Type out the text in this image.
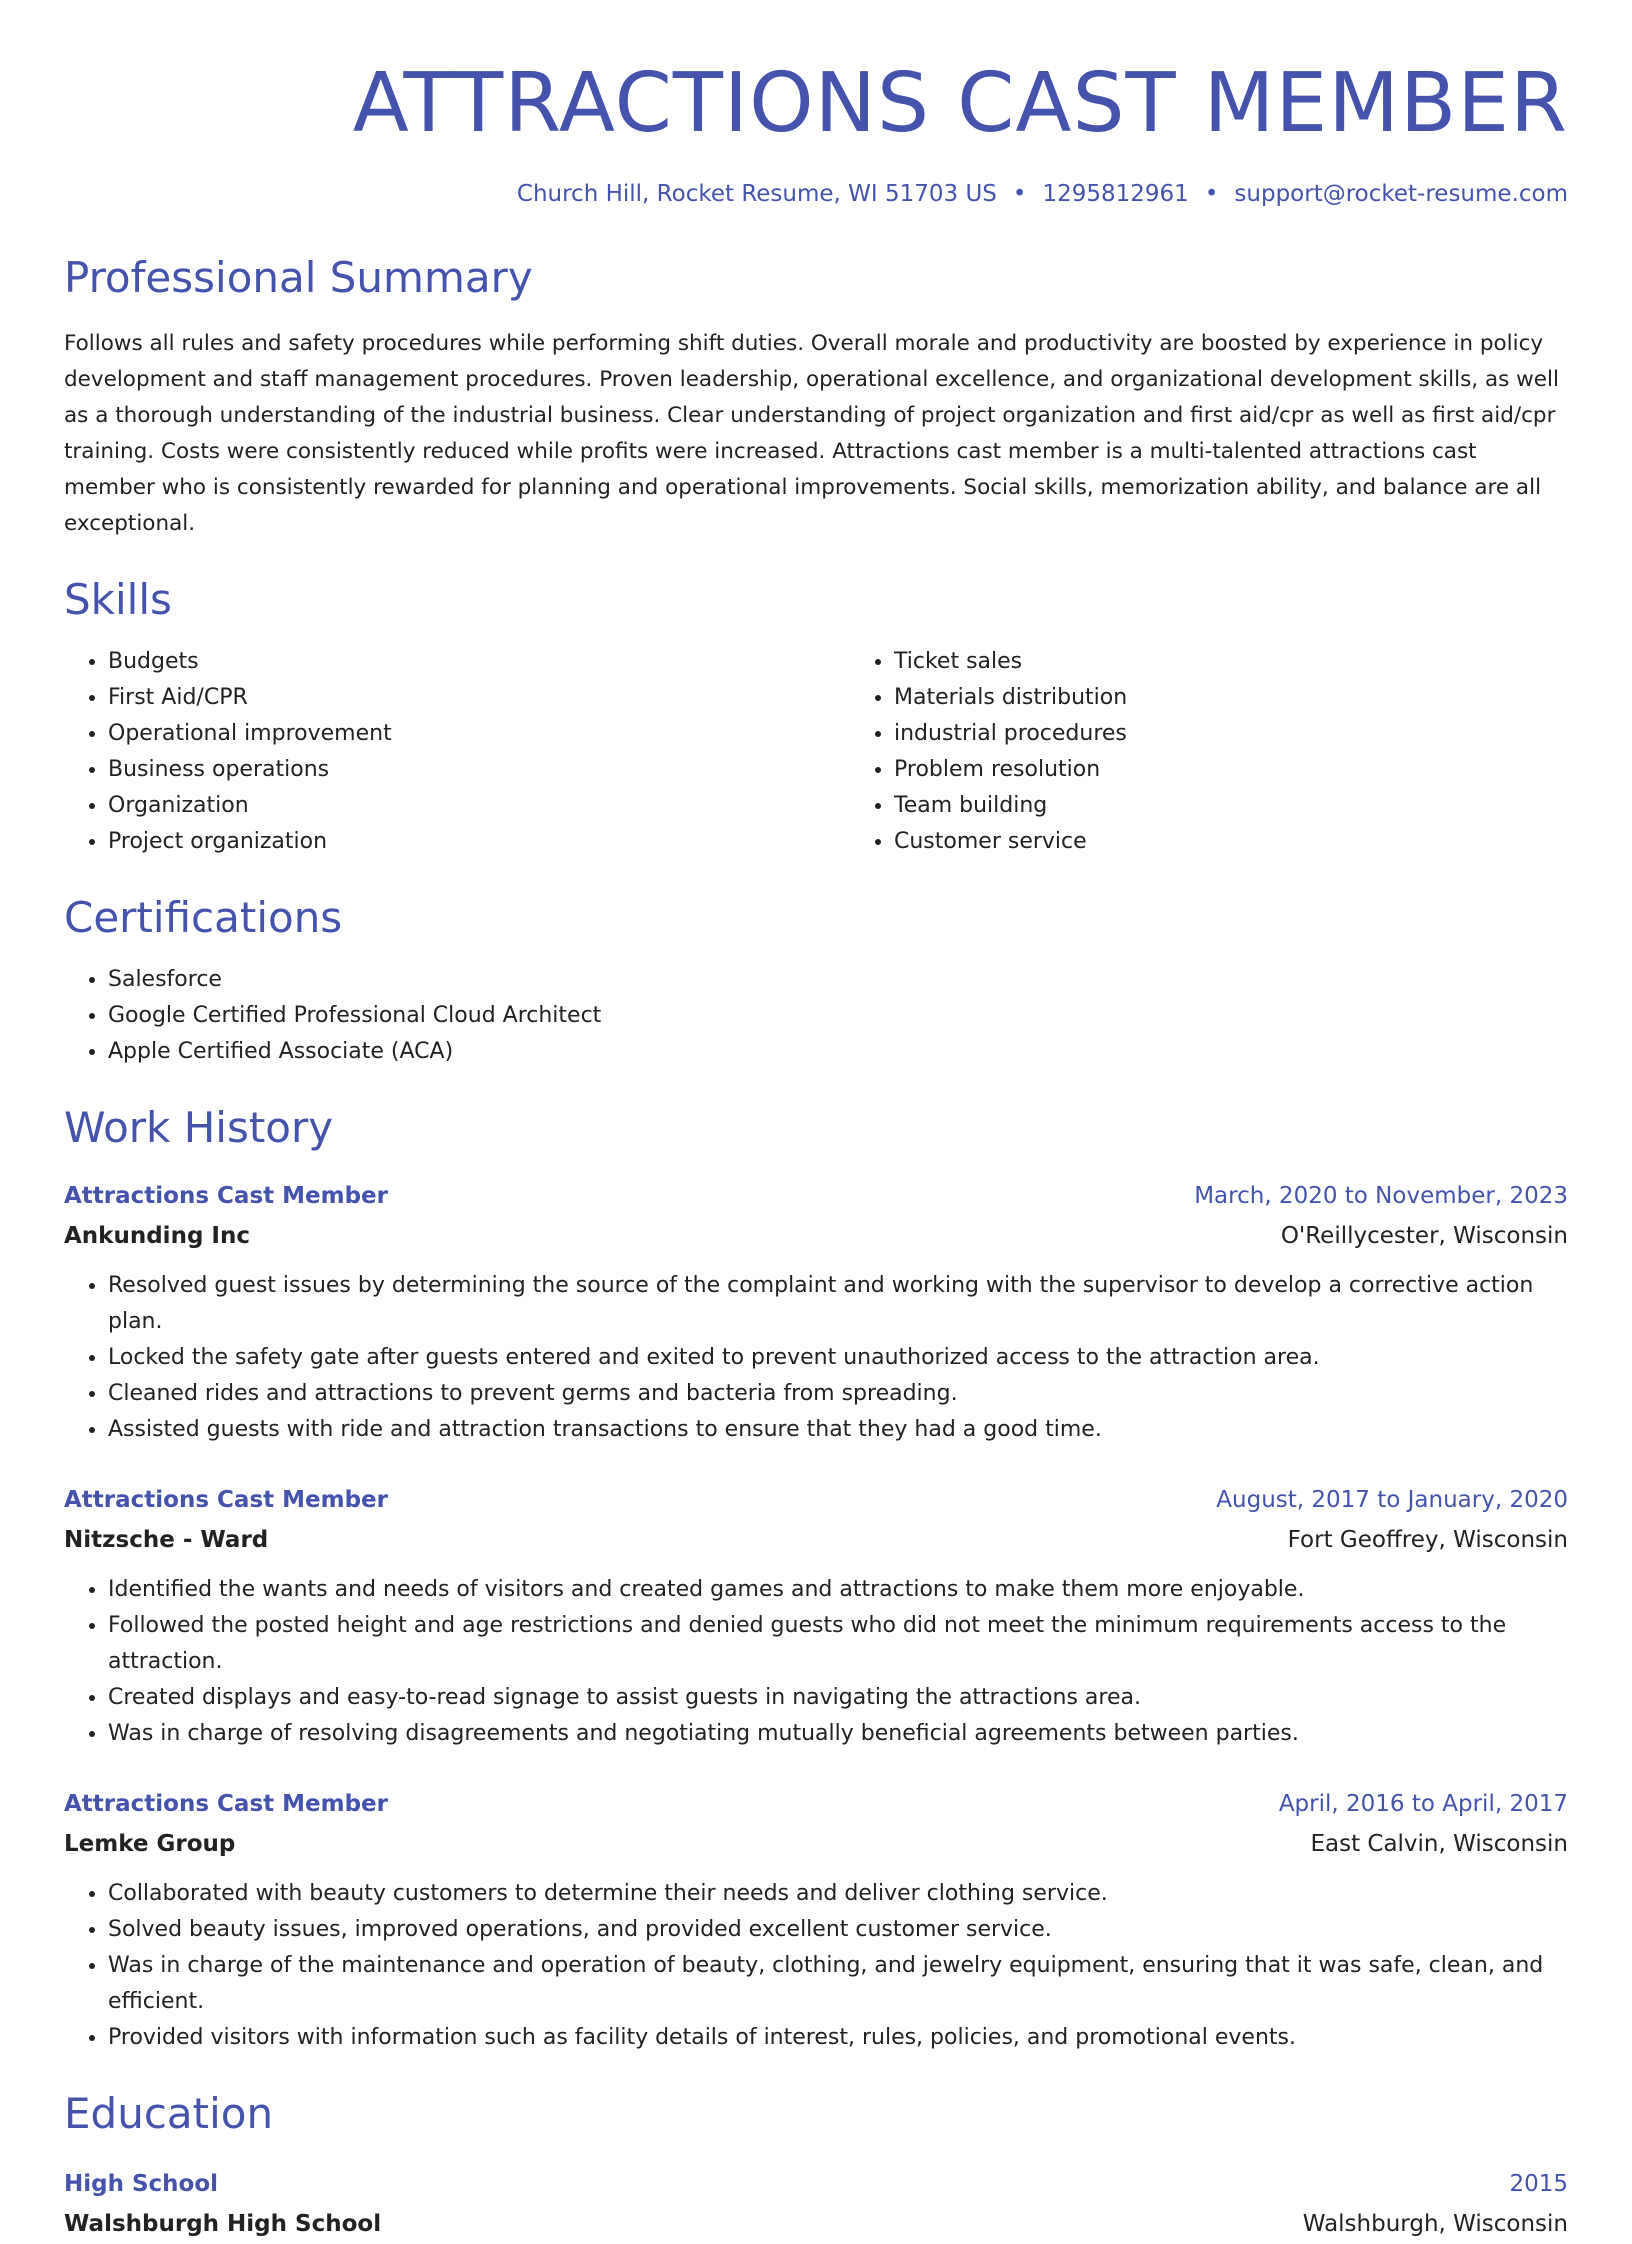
ATTRACTIONS CAST MEMBER
Church Hill, Rocket Resume, WI 51703 US • 1295812961 • support@rocket-resume.com
Professional Summary

Follows all rules and safety procedures while performing shift duties. Overall morale and productivity are boosted by experience in policy development and staff management procedures. Proven leadership, operational excellence, and organizational development skills, as well as a thorough understanding of the industrial business. Clear understanding of project organization and first aid/cpr as well as first aid/cpr training. Costs were consistently reduced while profits were increased. Attractions cast member is a multi-talented attractions cast member who is consistently rewarded for planning and operational improvements. Social skills, memorization ability, and balance are all exceptional.

Skills
• Budgets
• First Aid/CPR
• Operational improvement
• Business operations
• Organization
• Project organization
• Ticket sales
• Materials distribution
• industrial procedures
• Problem resolution
• Team building
• Customer service
Certifications
• Salesforce
• Google Certified Professional Cloud Architect
• Apple Certified Associate (ACA)
Work History
Attractions Cast Member	March, 2020 to November, 2023
Ankunding Inc	O'Reillycester, Wisconsin
• Resolved guest issues by determining the source of the complaint and working with the supervisor to develop a corrective action plan.
• Locked the safety gate after guests entered and exited to prevent unauthorized access to the attraction area.
• Cleaned rides and attractions to prevent germs and bacteria from spreading.
• Assisted guests with ride and attraction transactions to ensure that they had a good time.
Attractions Cast Member	August, 2017 to January, 2020
Nitzsche - Ward	Fort Geoffrey, Wisconsin
• Identified the wants and needs of visitors and created games and attractions to make them more enjoyable.
• Followed the posted height and age restrictions and denied guests who did not meet the minimum requirements access to the attraction.
• Created displays and easy-to-read signage to assist guests in navigating the attractions area.
• Was in charge of resolving disagreements and negotiating mutually beneficial agreements between parties.
Attractions Cast Member	April, 2016 to April, 2017
Lemke Group	East Calvin, Wisconsin
• Collaborated with beauty customers to determine their needs and deliver clothing service.
• Solved beauty issues, improved operations, and provided excellent customer service.
• Was in charge of the maintenance and operation of beauty, clothing, and jewelry equipment, ensuring that it was safe, clean, and efficient.
• Provided visitors with information such as facility details of interest, rules, policies, and promotional events.
Education
High School	2015
Walshburgh High School	Walshburgh, Wisconsin
